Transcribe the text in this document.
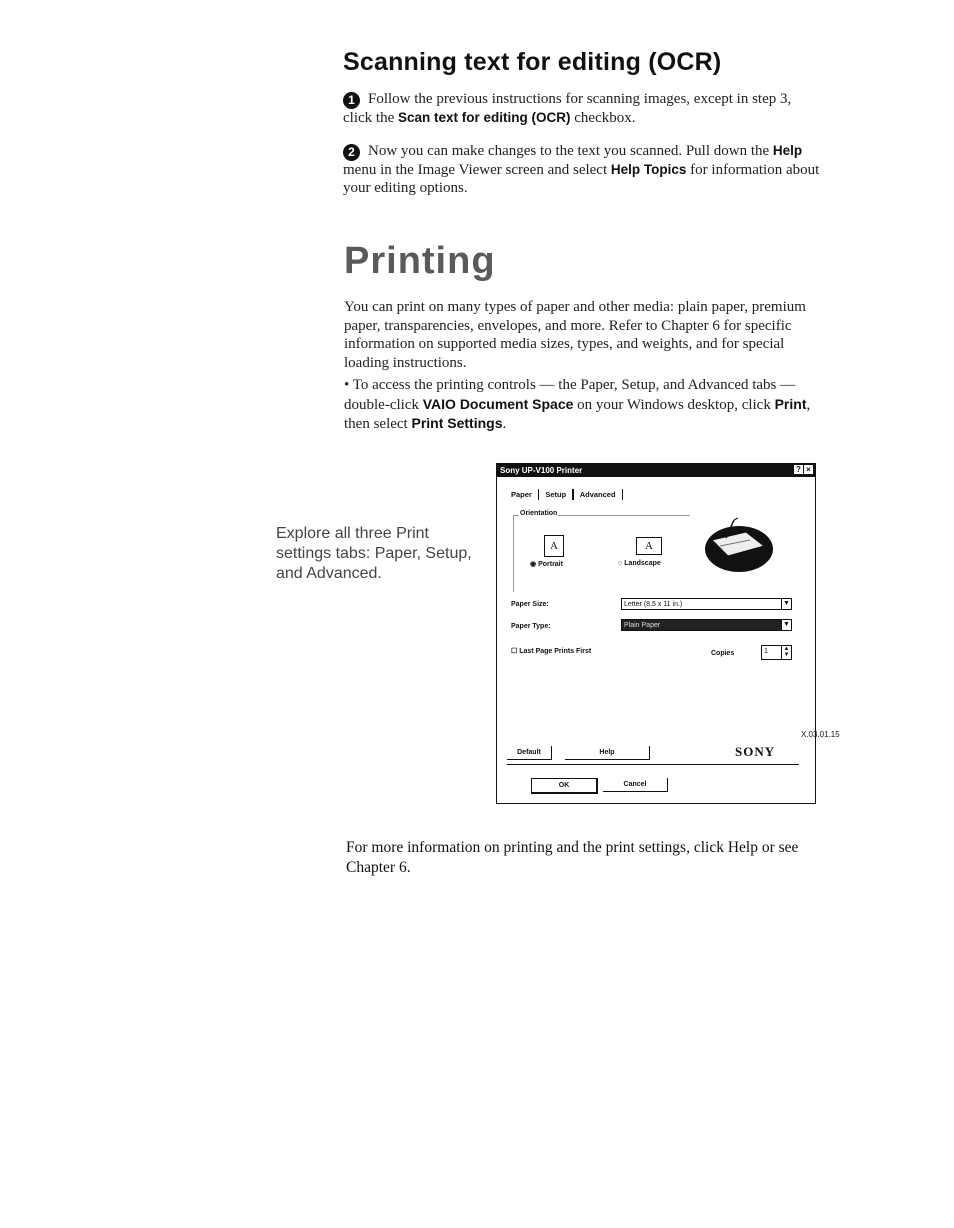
Scanning text for editing (OCR)
1 Follow the previous instructions for scanning images, except in step 3, click the Scan text for editing (OCR) checkbox.
2 Now you can make changes to the text you scanned. Pull down the Help menu in the Image Viewer screen and select Help Topics for information about your editing options.
Printing
You can print on many types of paper and other media: plain paper, premium paper, transparencies, envelopes, and more. Refer to Chapter 6 for specific information on supported media sizes, types, and weights, and for special loading instructions.
• To access the printing controls — the Paper, Setup, and Advanced tabs — double-click VAIO Document Space on your Windows desktop, click Print, then select Print Settings.
Explore all three Print settings tabs: Paper, Setup, and Advanced.
Sony UP-V100 Printer	? ×
Paper Setup Advanced
Orientation
A
◉ Portrait
A
○ Landscape
Paper Size:	Letter (8.5 x 11 in.)	▼
Paper Type:	Plain Paper	▼
☐ Last Page Prints First	Copies	1	▲
▼
X.03.01.15
SONY
Default	Help
OK	Cancel
For more information on printing and the print settings, click Help or see Chapter 6.
